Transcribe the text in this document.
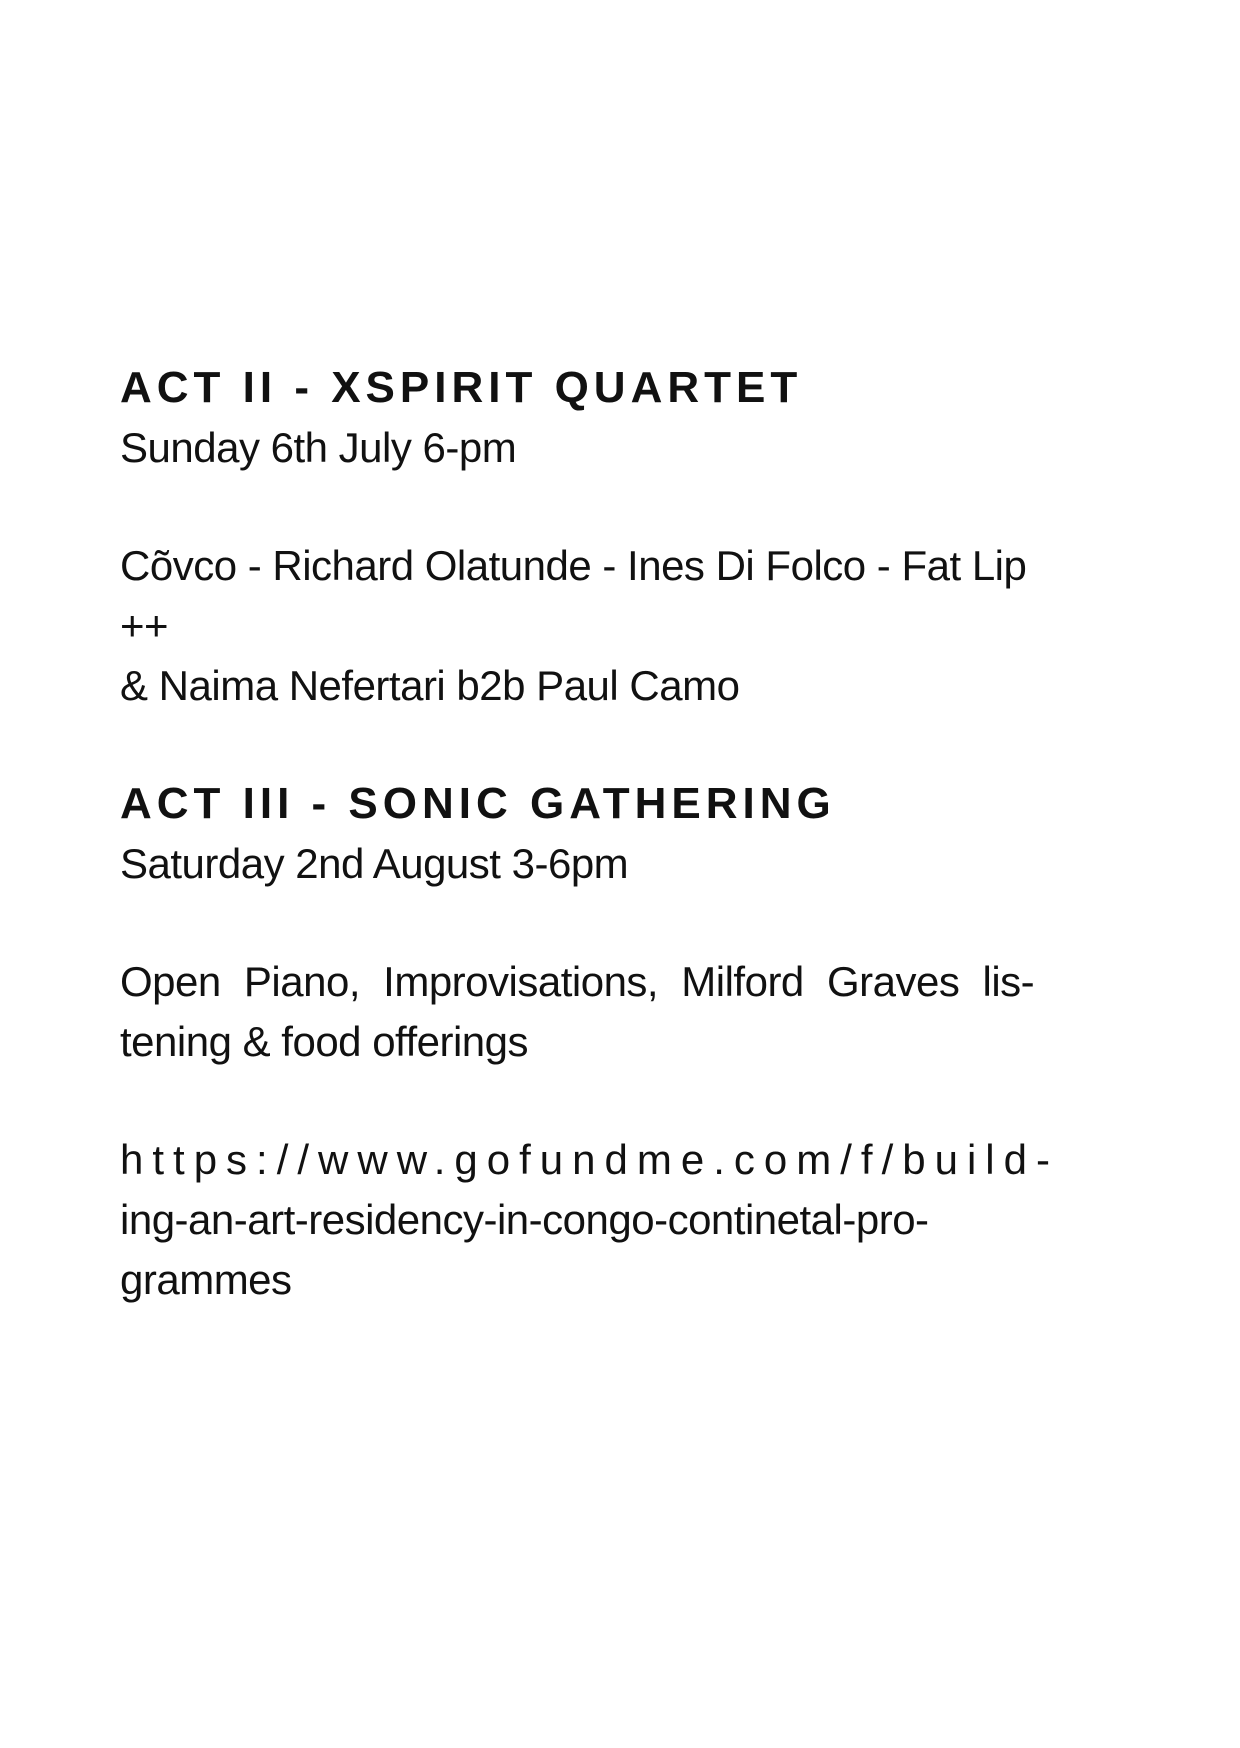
ACT II - XSPIRIT QUARTET

Sunday 6th July 6-pm

Cõvco - Richard Olatunde - Ines Di Folco - Fat Lip

++

& Naima Nefertari b2b Paul Camo

ACT III - SONIC GATHERING

Saturday 2nd August 3-6pm

Open Piano, Improvisations, Milford Graves lis-

tening & food offerings

https://www.gofundme.com/f/build-

ing-an-art-residency-in-congo-continetal-pro-

grammes
